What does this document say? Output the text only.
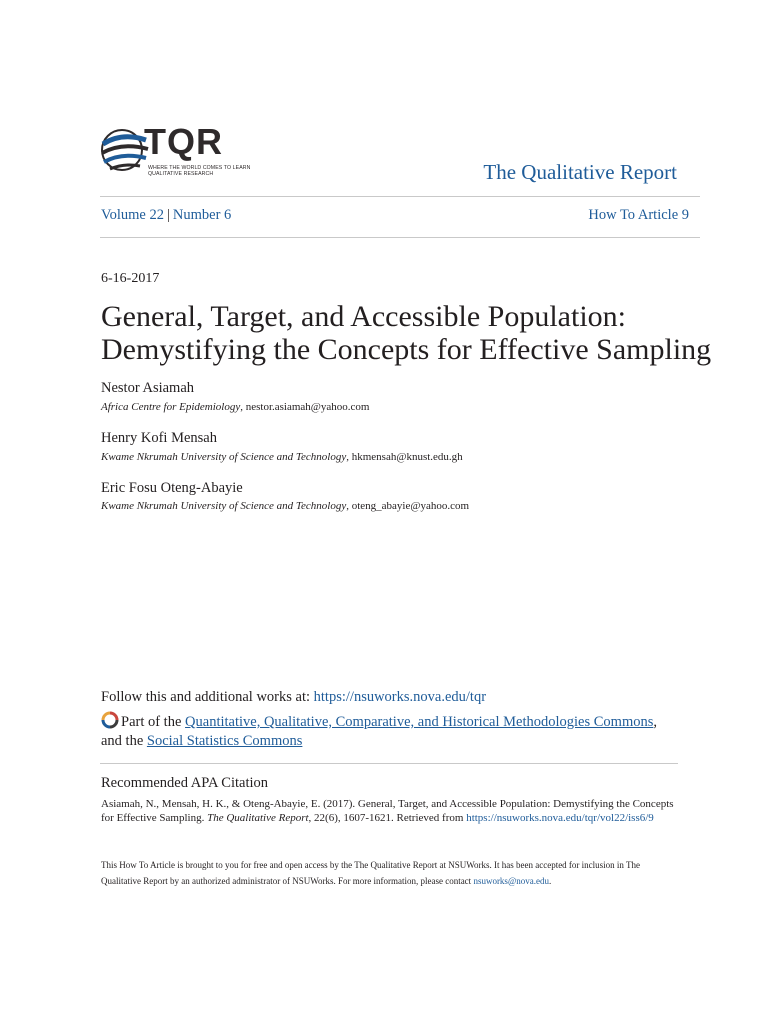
TQR
WHERE THE WORLD COMES TO LEARN QUALITATIVE RESEARCH	The Qualitative Report
Volume 22 | Number 6	How To Article 9
6-16-2017
General, Target, and Accessible Population:
Demystifying the Concepts for Effective Sampling
Nestor Asiamah
Africa Centre for Epidemiology, nestor.asiamah@yahoo.com
Henry Kofi Mensah
Kwame Nkrumah University of Science and Technology, hkmensah@knust.edu.gh
Eric Fosu Oteng-Abayie
Kwame Nkrumah University of Science and Technology, oteng_abayie@yahoo.com
Follow this and additional works at: https://nsuworks.nova.edu/tqr
Part of the Quantitative, Qualitative, Comparative, and Historical Methodologies Commons, and the Social Statistics Commons
Recommended APA Citation
Asiamah, N., Mensah, H. K., & Oteng-Abayie, E. (2017). General, Target, and Accessible Population: Demystifying the Concepts for Effective Sampling. The Qualitative Report, 22(6), 1607-1621. Retrieved from https://nsuworks.nova.edu/tqr/vol22/iss6/9
This How To Article is brought to you for free and open access by the The Qualitative Report at NSUWorks. It has been accepted for inclusion in The Qualitative Report by an authorized administrator of NSUWorks. For more information, please contact nsuworks@nova.edu.
